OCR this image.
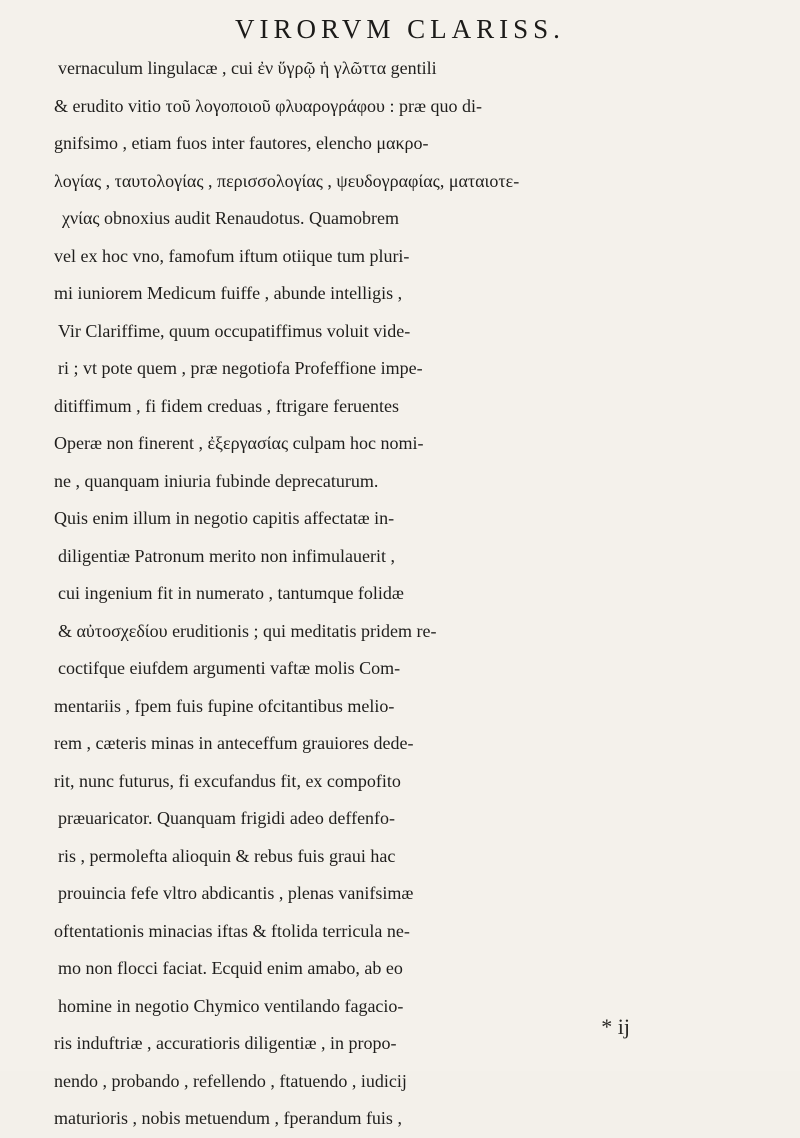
VIRORVM CLARISS.
vernaculum lingulacæ , cui ἐν ὕγρῷ ἡ γλῶττα gentili
& erudito vitio τοῦ λογοποιοῦ φλυαρογράφου : præ quo di-
gnifsimo , etiam fuos inter fautores, elencho μακρο-
λογίας , ταυτολογίας , περισσολογίας , ψευδογραφίας, ματαιοτε-
χνίας obnoxius audit Renaudotus. Quamobrem
vel ex hoc vno, famofum iftum otiique tum pluri-
mi iuniorem Medicum fuiffe , abunde intelligis ,
Vir Clariffime, quum occupatiffimus voluit vide-
ri ; vt pote quem , præ negotiofa Profeffione impe-
ditiffimum , fi fidem creduas , ftrigare feruentes
Operæ non finerent , ἐξεργασίας culpam hoc nomi-
ne , quanquam iniuria fubinde deprecaturum.
Quis enim illum in negotio capitis affectatæ in-
diligentiæ Patronum merito non infimulauerit ,
cui ingenium fit in numerato , tantumque folidæ
& αὐτοσχεδίου eruditionis ; qui meditatis pridem re-
coctifque eiufdem argumenti vaftæ molis Com-
mentariis , fpem fuis fupine ofcitantibus melio-
rem , cæteris minas in anteceffum grauiores dede-
rit, nunc futurus, fi excufandus fit, ex compofito
præuaricator. Quanquam frigidi adeo deffenfo-
ris , permolefta alioquin & rebus fuis graui hac
prouincia fefe vltro abdicantis , plenas vanifsimæ
oftentationis minacias iftas & ftolida terricula ne-
mo non flocci faciat. Ecquid enim amabo, ab eo
homine in negotio Chymico ventilando fagacio-
ris induftriæ , accuratioris diligentiæ , in propo-
nendo , probando , refellendo , ftatuendo , iudicij
maturioris , nobis metuendum , fperandum fuis ,
* ij
